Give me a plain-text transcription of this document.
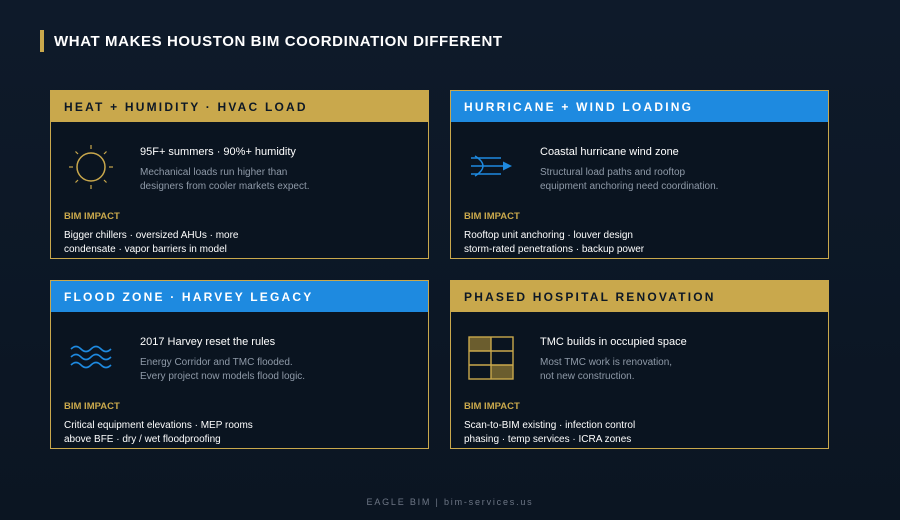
WHAT MAKES HOUSTON BIM COORDINATION DIFFERENT
HEAT + HUMIDITY · HVAC LOAD
95F+ summers · 90%+ humidity
Mechanical loads run higher than
designers from cooler markets expect.
BIM IMPACT
Bigger chillers · oversized AHUs · more
condensate · vapor barriers in model
HURRICANE + WIND LOADING
Coastal hurricane wind zone
Structural load paths and rooftop
equipment anchoring need coordination.
BIM IMPACT
Rooftop unit anchoring · louver design
storm-rated penetrations · backup power
FLOOD ZONE · HARVEY LEGACY
2017 Harvey reset the rules
Energy Corridor and TMC flooded.
Every project now models flood logic.
BIM IMPACT
Critical equipment elevations · MEP rooms
above BFE · dry / wet floodproofing
PHASED HOSPITAL RENOVATION
TMC builds in occupied space
Most TMC work is renovation,
not new construction.
BIM IMPACT
Scan-to-BIM existing · infection control
phasing · temp services · ICRA zones
EAGLE BIM | bim-services.us
